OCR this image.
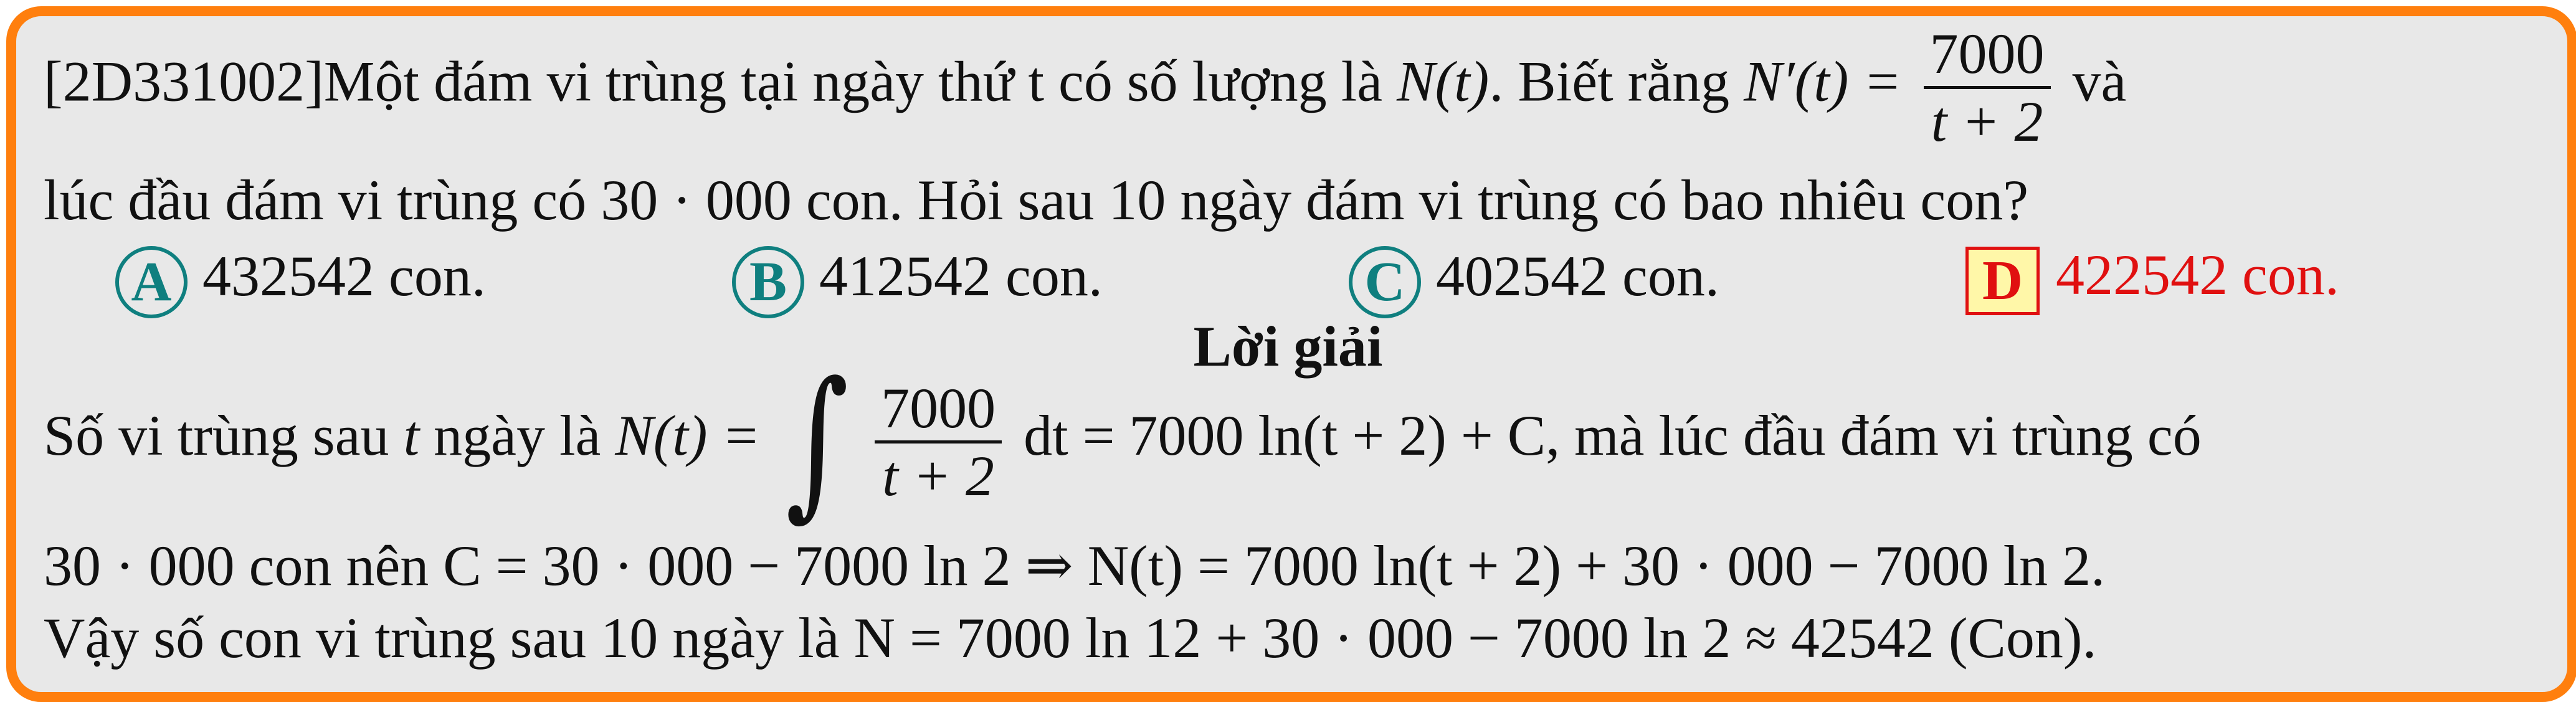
[2D331002]Một đám vi trùng tại ngày thứ t có số lượng là N(t). Biết rằng $N'(t) = \frac{7000}{t + 2}$ và
lúc đầu đám vi trùng có 30 · 000 con. Hỏi sau 10 ngày đám vi trùng có bao nhiêu con?
A 432542 con.	B 412542 con.	C 402542 con.	D 422542 con.
Lời giải
Số vi trùng sau t ngày là N(t) = ∫ $\frac{7000}{t + 2}$ dt = 7000 ln(t + 2) + C, mà lúc đầu đám vi trùng có
30 · 000 con nên C = 30 · 000 − 7000 ln 2 ⇒ N(t) = 7000 ln(t + 2) + 30 · 000 − 7000 ln 2.
Vậy số con vi trùng sau 10 ngày là N = 7000 ln 12 + 30 · 000 − 7000 ln 2 ≈ 42542 (Con).
